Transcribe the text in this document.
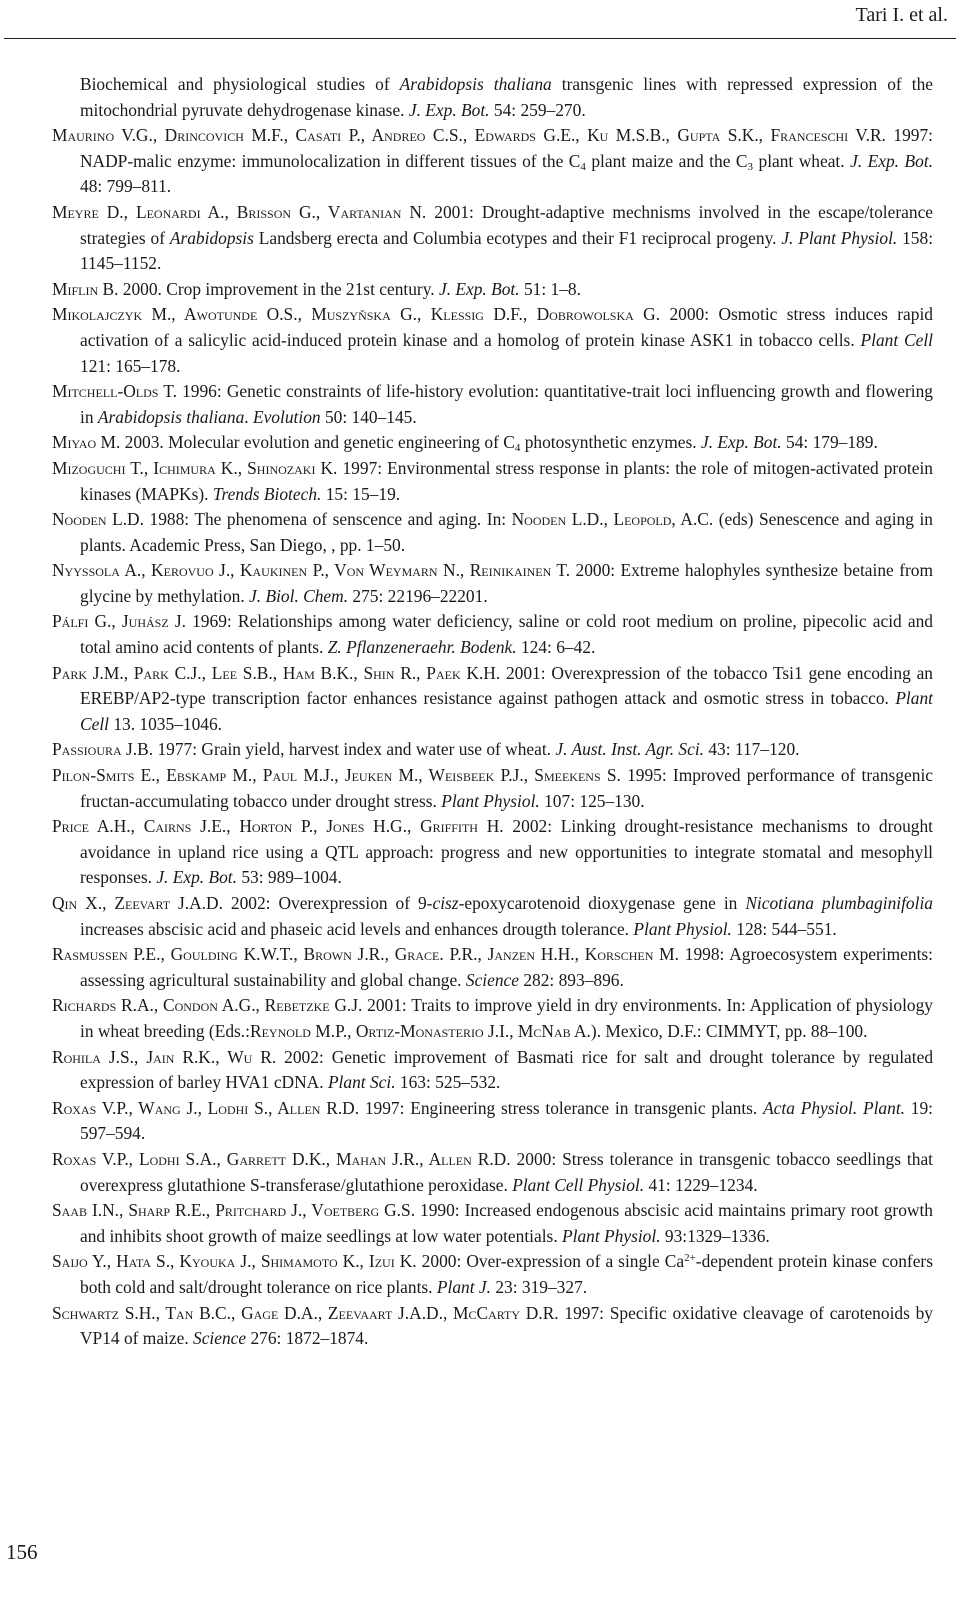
Tari I. et al.

Biochemical and physiological studies of Arabidopsis thaliana transgenic lines with repressed expression of the mitochondrial pyruvate dehydrogenase kinase. J. Exp. Bot. 54: 259–270.

Maurino V.G., Drincovich M.F., Casati P., Andreo C.S., Edwards G.E., Ku M.S.B., Gupta S.K., Franceschi V.R. 1997: NADP-malic enzyme: immunolocalization in different tissues of the $C_4$ plant maize and the $C_3$ plant wheat. J. Exp. Bot. 48: 799–811.

Meyre D., Leonardi A., Brisson G., Vartanian N. 2001: Drought-adaptive mechnisms involved in the escape/tolerance strategies of Arabidopsis Landsberg erecta and Columbia ecotypes and their F1 reciprocal progeny. J. Plant Physiol. 158: 1145–1152.

Miflin B. 2000. Crop improvement in the 21st century. J. Exp. Bot. 51: 1–8.

Mikolajczyk M., Awotunde O.S., Muszyňska G., Klessig D.F., Dobrowolska G. 2000: Osmotic stress induces rapid activation of a salicylic acid-induced protein kinase and a homolog of protein kinase ASK1 in tobacco cells. Plant Cell 121: 165–178.

Mitchell-Olds T. 1996: Genetic constraints of life-history evolution: quantitative-trait loci influencing growth and flowering in Arabidopsis thaliana. Evolution 50: 140–145.

Miyao M. 2003. Molecular evolution and genetic engineering of $C_4$ photosynthetic enzymes. J. Exp. Bot. 54: 179–189.

Mizoguchi T., Ichimura K., Shinozaki K. 1997: Environmental stress response in plants: the role of mitogen-activated protein kinases (MAPKs). Trends Biotech. 15: 15–19.

Nooden L.D. 1988: The phenomena of senscence and aging. In: Nooden L.D., Leopold, A.C. (eds) Senescence and aging in plants. Academic Press, San Diego, , pp. 1–50.

Nyyssola A., Kerovuo J., Kaukinen P., Von Weymarn N., Reinikainen T. 2000: Extreme halophyles synthesize betaine from glycine by methylation. J. Biol. Chem. 275: 22196–22201.

Pálfi G., Juhász J. 1969: Relationships among water deficiency, saline or cold root medium on proline, pipecolic acid and total amino acid contents of plants. Z. Pflanzeneraehr. Bodenk. 124: 6–42.

Park J.M., Park C.J., Lee S.B., Ham B.K., Shin R., Paek K.H. 2001: Overexpression of the tobacco Tsi1 gene encoding an EREBP/AP2-type transcription factor enhances resistance against pathogen attack and osmotic stress in tobacco. Plant Cell 13. 1035–1046.

Passioura J.B. 1977: Grain yield, harvest index and water use of wheat. J. Aust. Inst. Agr. Sci. 43: 117–120.

Pilon-Smits E., Ebskamp M., Paul M.J., Jeuken M., Weisbeek P.J., Smeekens S. 1995: Improved performance of transgenic fructan-accumulating tobacco under drought stress. Plant Physiol. 107: 125–130.

Price A.H., Cairns J.E., Horton P., Jones H.G., Griffith H. 2002: Linking drought-resistance mechanisms to drought avoidance in upland rice using a QTL approach: progress and new opportunities to integrate stomatal and mesophyll responses. J. Exp. Bot. 53: 989–1004.

Qin X., Zeevart J.A.D. 2002: Overexpression of 9-cisz-epoxycarotenoid dioxygenase gene in Nicotiana plumbaginifolia increases abscisic acid and phaseic acid levels and enhances drougth tolerance. Plant Physiol. 128: 544–551.

Rasmussen P.E., Goulding K.W.T., Brown J.R., Grace. P.R., Janzen H.H., Korschen M. 1998: Agroecosystem experiments: assessing agricultural sustainability and global change. Science 282: 893–896.

Richards R.A., Condon A.G., Rebetzke G.J. 2001: Traits to improve yield in dry environments. In: Application of physiology in wheat breeding (Eds.:Reynold M.P., Ortiz-Monasterio J.I., McNab A.). Mexico, D.F.: CIMMYT, pp. 88–100.

Rohila J.S., Jain R.K., Wu R. 2002: Genetic improvement of Basmati rice for salt and drought tolerance by regulated expression of barley HVA1 cDNA. Plant Sci. 163: 525–532.

Roxas V.P., Wang J., Lodhi S., Allen R.D. 1997: Engineering stress tolerance in transgenic plants. Acta Physiol. Plant. 19: 597–594.

Roxas V.P., Lodhi S.A., Garrett D.K., Mahan J.R., Allen R.D. 2000: Stress tolerance in transgenic tobacco seedlings that overexpress glutathione S-transferase/glutathione peroxidase. Plant Cell Physiol. 41: 1229–1234.

Saab I.N., Sharp R.E., Pritchard J., Voetberg G.S. 1990: Increased endogenous abscisic acid maintains primary root growth and inhibits shoot growth of maize seedlings at low water potentials. Plant Physiol. 93:1329–1336.

Saijo Y., Hata S., Kyouka J., Shimamoto K., Izui K. 2000: Over-expression of a single $Ca^{2+}$-dependent protein kinase confers both cold and salt/drought tolerance on rice plants. Plant J. 23: 319–327.

Schwartz S.H., Tan B.C., Gage D.A., Zeevaart J.A.D., McCarty D.R. 1997: Specific oxidative cleavage of carotenoids by VP14 of maize. Science 276: 1872–1874.

156
